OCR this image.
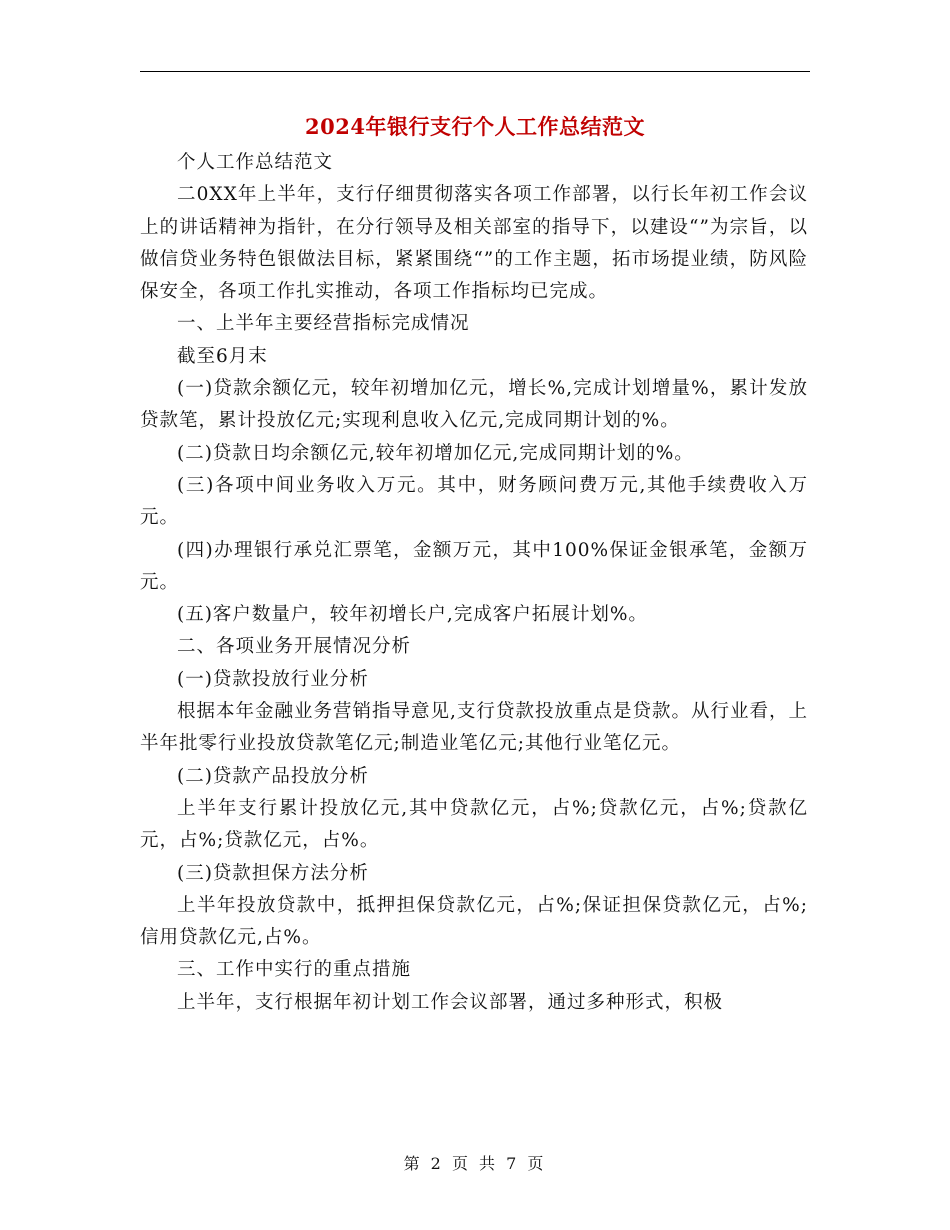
2024年银行支行个人工作总结范文

个人工作总结范文

二0XX年上半年，支行仔细贯彻落实各项工作部署，以行长年初工作会议上的讲话精神为指针，在分行领导及相关部室的指导下，以建设“”为宗旨，以做信贷业务特色银做法目标，紧紧围绕“”的工作主题，拓市场提业绩，防风险保安全，各项工作扎实推动，各项工作指标均已完成。

一、上半年主要经营指标完成情况

截至6月末

(一)贷款余额亿元，较年初增加亿元，增长%,完成计划增量%，累计发放贷款笔，累计投放亿元;实现利息收入亿元,完成同期计划的%。

(二)贷款日均余额亿元,较年初增加亿元,完成同期计划的%。

(三)各项中间业务收入万元。其中，财务顾问费万元,其他手续费收入万元。

(四)办理银行承兑汇票笔，金额万元，其中100%保证金银承笔，金额万元。

(五)客户数量户，较年初增长户,完成客户拓展计划%。

二、各项业务开展情况分析

(一)贷款投放行业分析

根据本年金融业务营销指导意见,支行贷款投放重点是贷款。从行业看，上半年批零行业投放贷款笔亿元;制造业笔亿元;其他行业笔亿元。

(二)贷款产品投放分析

上半年支行累计投放亿元,其中贷款亿元，占%;贷款亿元，占%;贷款亿元，占%;贷款亿元，占%。

(三)贷款担保方法分析

上半年投放贷款中，抵押担保贷款亿元，占%;保证担保贷款亿元，占%;信用贷款亿元,占%。

三、工作中实行的重点措施

上半年，支行根据年初计划工作会议部署，通过多种形式，积极

第 2 页 共 7 页
